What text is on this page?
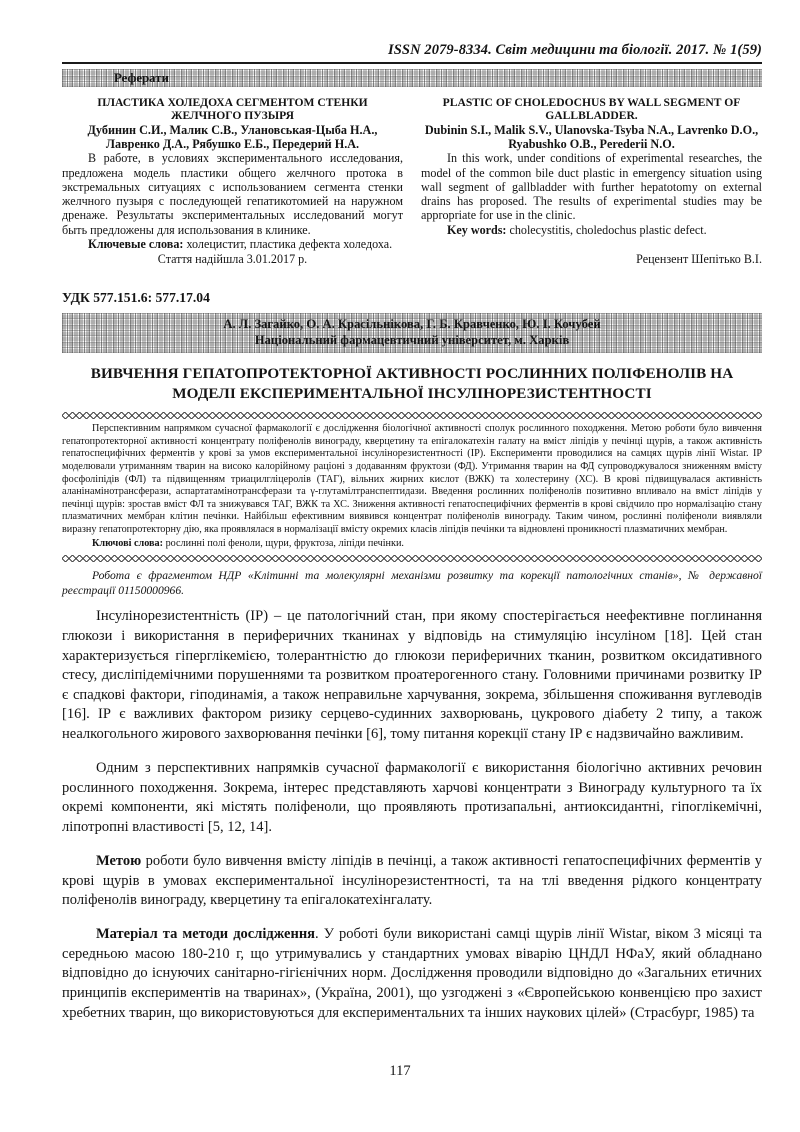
ISSN 2079-8334. Світ медицини та біології. 2017. № 1(59)
Реферати
ПЛАСТИКА ХОЛЕДОХА СЕГМЕНТОМ СТЕНКИ ЖЕЛЧНОГО ПУЗЫРЯ
Дубинин С.И., Малик С.В., Улановськая-Цыба Н.А., Лавренко Д.А., Рябушко Е.Б., Передерий Н.А.
В работе, в условиях экспериментального исследования, предложена модель пластики общего желчного протока в экстремальных ситуациях с использованием сегмента стенки желчного пузыря с последующей гепатикотомией на наружном дренаже. Результаты экспериментальных исследований могут быть предложены для использования в клинике.
Ключевые слова: холецистит, пластика дефекта холедоха.
PLASTIC OF CHOLEDOCHUS BY WALL SEGMENT OF GALLBLADDER.
Dubinin S.I., Malik S.V., Ulanovska-Tsyba N.A., Lavrenko D.O., Ryabushko O.B., Perederii N.O.
In this work, under conditions of experimental researches, the model of the common bile duct plastic in emergency situation using wall segment of gallbladder with further hepatotomy on external drains has proposed. The results of experimental studies may be appropriate for use in the clinic.
Key words: cholecystitis, choledochus plastic defect.
Стаття надійшла 3.01.2017 р.	Рецензент Шепітько В.І.
УДК 577.151.6: 577.17.04
А. Л. Загайко, О. А. Красільнікова, Г. Б. Кравченко, Ю. І. Кочубей
Національний фармацевтичний університет, м. Харків
ВИВЧЕННЯ ГЕПАТОПРОТЕКТОРНОЇ АКТИВНОСТІ РОСЛИННИХ ПОЛІФЕНОЛІВ НА МОДЕЛІ ЕКСПЕРИМЕНТАЛЬНОЇ ІНСУЛІНОРЕЗИСТЕНТНОСТІ
Перспективним напрямком сучасної фармакології є дослідження біологічної активності сполук рослинного походження. Метою роботи було вивчення гепатопротекторної активності концентрату поліфенолів винограду, кверцетину та епігалокатехін галату на вміст ліпідів у печінці щурів, а також активність гепатоспецифічних ферментів у крові за умов експериментальної інсулінорезистентності (ІР). Експерименти проводилися на самцях щурів лінії Wistar. ІР моделювали утриманням тварин на високо калорійному раціоні з додаванням фруктози (ФД). Утримання тварин на ФД супроводжувалося зниженням вмісту фосфоліпідів (ФЛ) та підвищенням триацилгліцеролів (ТАГ), вільних жирних кислот (ВЖК) та холестерину (ХС). В крові підвищувалася активність аланінамінотрансферази, аспартатамінотрансферази та γ-глутамілтранспептидази. Введення рослинних поліфенолів позитивно впливало на вміст ліпідів у печінці щурів: зростав вміст ФЛ та знижувався ТАГ, ВЖК та ХС. Зниження активності гепатоспецифічних ферментів в крові свідчило про нормалізацію стану плазматичних мембран клітин печінки. Найбільш ефективним виявився концентрат поліфенолів винограду. Таким чином, рослинні поліфеноли виявляли виразну гепатопротекторну дію, яка проявлялася в нормалізації вмісту окремих класів ліпідів печінки та відновлені проникності плазматичних мембран.
Ключові слова: рослинні полі феноли, щури, фруктоза, ліпіди печінки.
Робота є фрагментом НДР «Клітинні та молекулярні механізми розвитку та корекції патологічних станів», № державної реєстрації 01150000966.

Інсулінорезистентність (ІР) – це патологічний стан, при якому спостерігається неефективне поглинання глюкози і використання в периферичних тканинах у відповідь на стимуляцію інсуліном [18]. Цей стан характеризується гіперглікемією, толерантністю до глюкози периферичних тканин, розвитком оксидативного стесу, дисліпідемічними порушеннями та розвитком проатерогенного стану. Головними причинами розвитку ІР є спадкові фактори, гіподинамія, а також неправильне харчування, зокрема, збільшення споживання вуглеводів [16]. ІР є важливих фактором ризику серцево-судинних захворювань, цукрового діабету 2 типу, а також неалкогольного жирового захворювання печінки [6], тому питання корекції стану ІР є надзвичайно важливим.

Одним з перспективних напрямків сучасної фармакології є використання біологічно активних речовин рослинного походження. Зокрема, інтерес представляють харчові концентрати з Винограду культурного та їх окремі компоненти, які містять поліфеноли, що проявляють протизапальні, антиоксидантні, гіпоглікемічні, ліпотропні властивості [5, 12, 14].

Метою роботи було вивчення вмісту ліпідів в печінці, а також активності гепатоспецифічних ферментів у крові щурів в умовах експериментальної інсулінорезистентності, та на тлі введення рідкого концентрату поліфенолів винограду, кверцетину та епігалокатехінгалату.

Матеріал та методи дослідження. У роботі були використані самці щурів лінії Wistar, віком 3 місяці та середньою масою 180-210 г, що утримувались у стандартних умовах віварію ЦНДЛ НФаУ, який обладнано відповідно до існуючих санітарно-гігієнічних норм. Дослідження проводили відповідно до «Загальних етичних принципів експериментів на тваринах», (Україна, 2001), що узгоджені з «Європейською конвенцією про захист хребетних тварин, що використовуються для експериментальних та інших наукових цілей» (Страсбург, 1985) та

117
